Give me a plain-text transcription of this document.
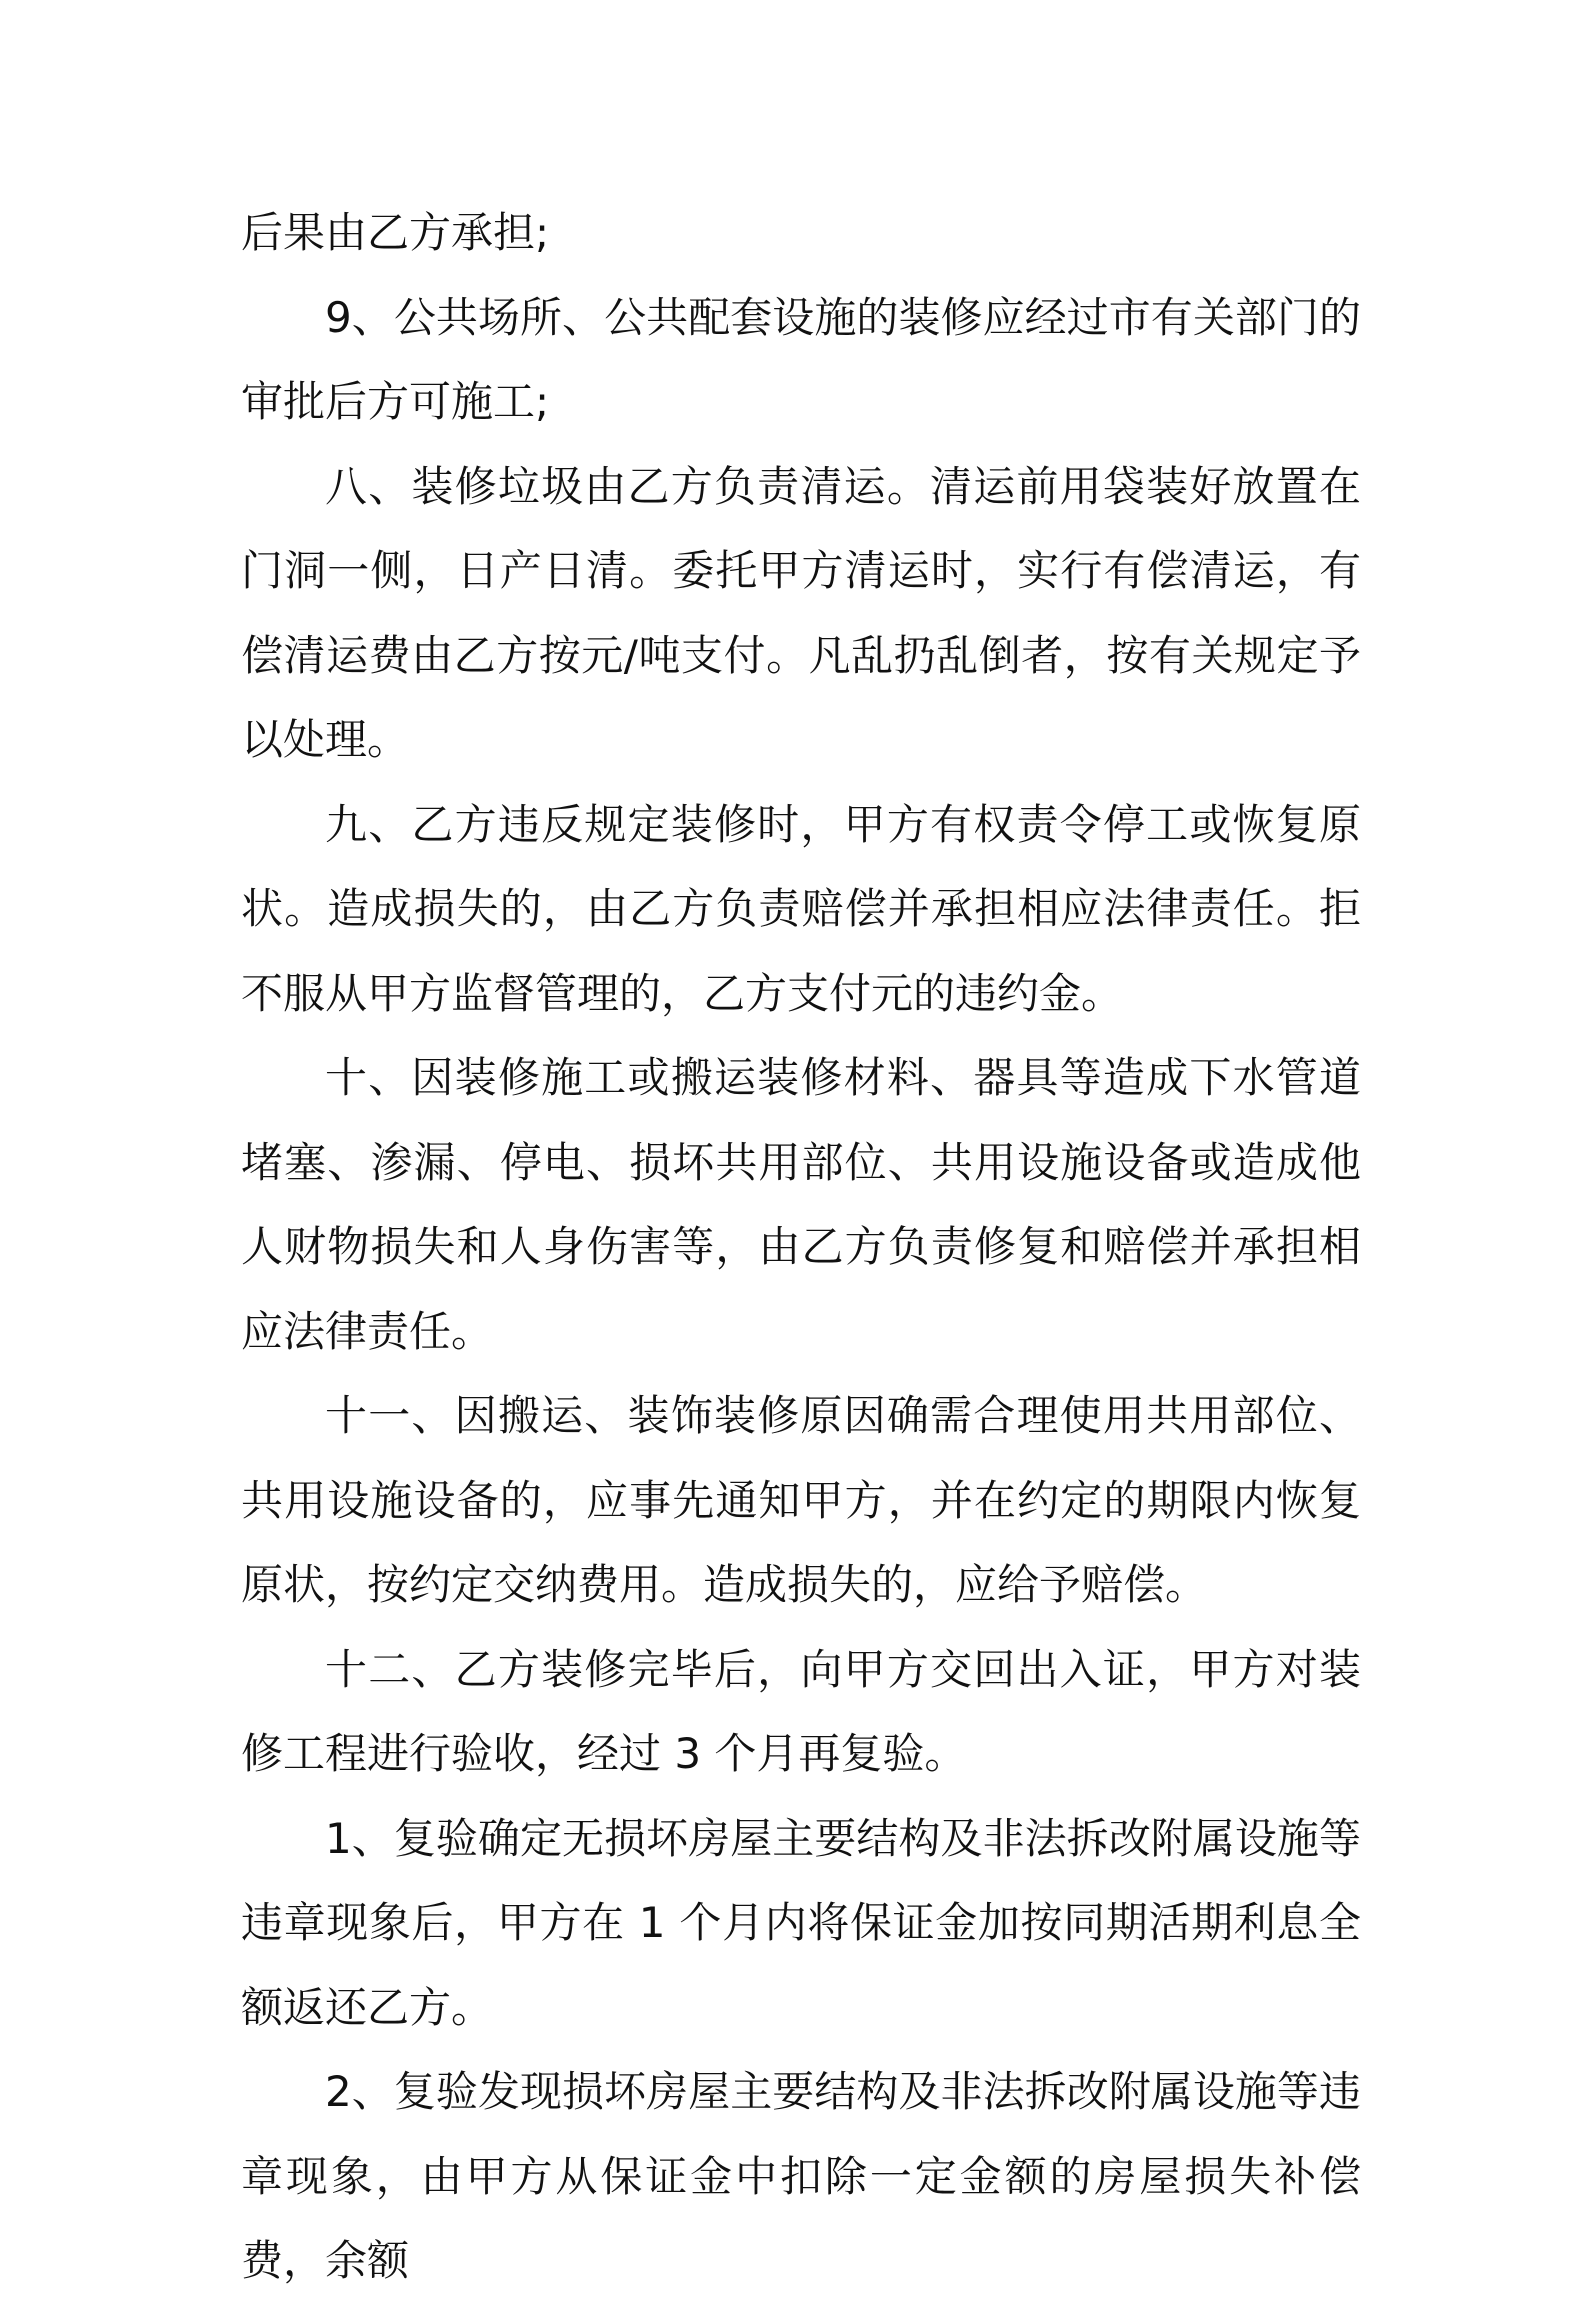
后果由乙方承担;

9、公共场所、公共配套设施的装修应经过市有关部门的审批后方可施工;

八、装修垃圾由乙方负责清运。清运前用袋装好放置在门洞一侧，日产日清。委托甲方清运时，实行有偿清运，有偿清运费由乙方按元/吨支付。凡乱扔乱倒者，按有关规定予以处理。

九、乙方违反规定装修时，甲方有权责令停工或恢复原状。造成损失的，由乙方负责赔偿并承担相应法律责任。拒不服从甲方监督管理的，乙方支付元的违约金。

十、因装修施工或搬运装修材料、器具等造成下水管道堵塞、渗漏、停电、损坏共用部位、共用设施设备或造成他人财物损失和人身伤害等，由乙方负责修复和赔偿并承担相应法律责任。

十一、因搬运、装饰装修原因确需合理使用共用部位、共用设施设备的，应事先通知甲方，并在约定的期限内恢复原状，按约定交纳费用。造成损失的，应给予赔偿。

十二、乙方装修完毕后，向甲方交回出入证，甲方对装修工程进行验收，经过 3 个月再复验。

1、复验确定无损坏房屋主要结构及非法拆改附属设施等违章现象后，甲方在 1 个月内将保证金加按同期活期利息全额返还乙方。

2、复验发现损坏房屋主要结构及非法拆改附属设施等违章现象，由甲方从保证金中扣除一定金额的房屋损失补偿费，余额
